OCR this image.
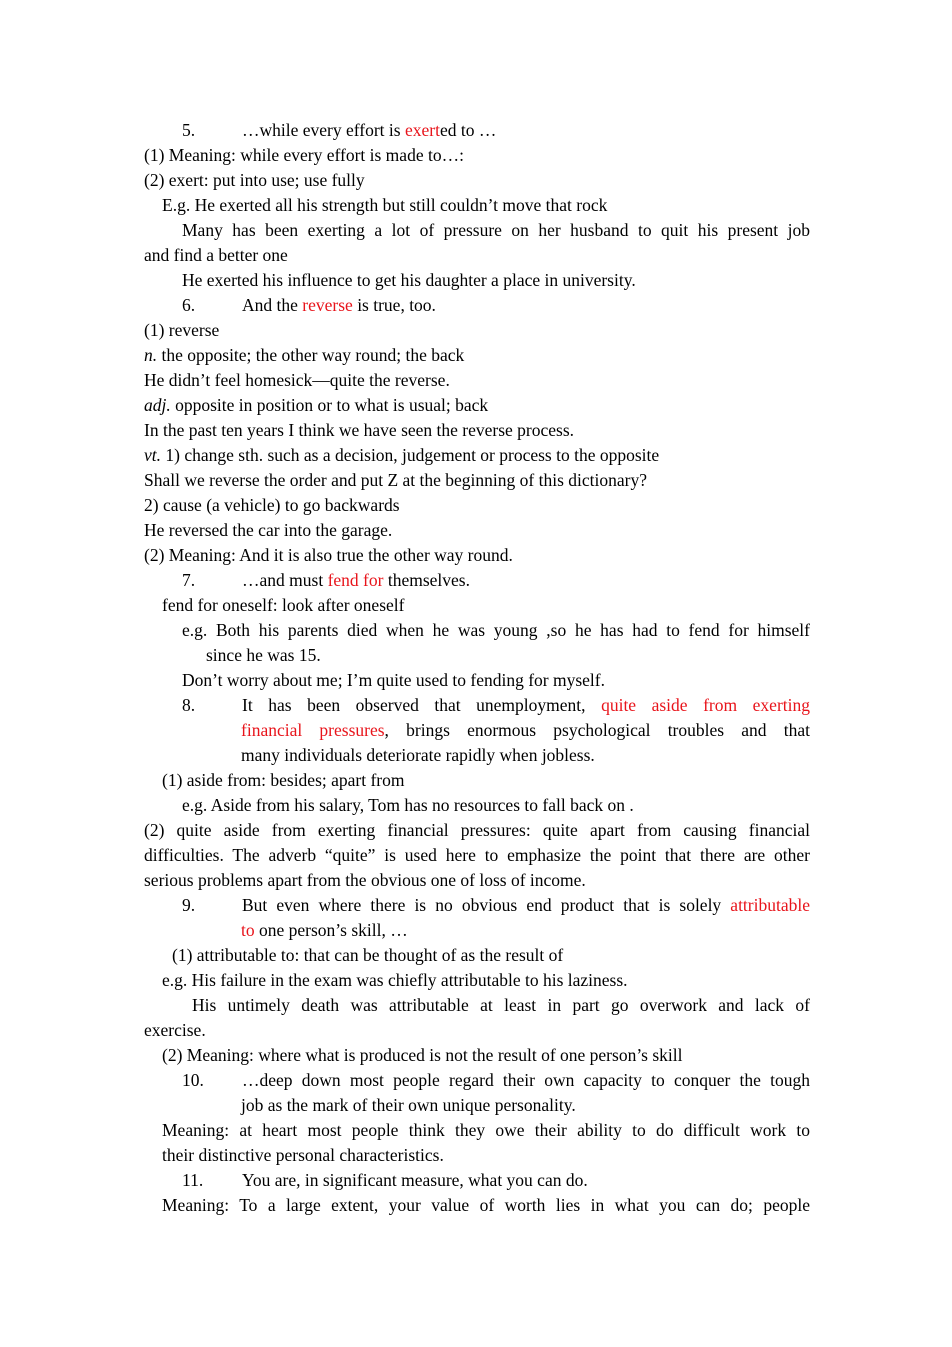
5.	…while every effort is exerted to …
(1) Meaning: while every effort is made to…:
(2) exert: put into use; use fully
E.g. He exerted all his strength but still couldn’t move that rock
Many has been exerting a lot of pressure on her husband to quit his present job
and find a better one
He exerted his influence to get his daughter a place in university.
6.	And the reverse is true, too.
(1) reverse
n. the opposite; the other way round; the back
He didn’t feel homesick—quite the reverse.
adj. opposite in position or to what is usual; back
In the past ten years I think we have seen the reverse process.
vt. 1) change sth. such as a decision, judgement or process to the opposite
Shall we reverse the order and put Z at the beginning of this dictionary?
2) cause (a vehicle) to go backwards
He reversed the car into the garage.
(2) Meaning: And it is also true the other way round.
7.	…and must fend for themselves.
fend for oneself: look after oneself
e.g. Both his parents died when he was young ,so he has had to fend for himself
since he was 15.
Don’t worry about me; I’m quite used to fending for myself.
8.	It has been observed that unemployment, quite aside from exerting
financial pressures, brings enormous psychological troubles and that
many individuals deteriorate rapidly when jobless.
(1) aside from: besides; apart from
e.g. Aside from his salary, Tom has no resources to fall back on .
(2) quite aside from exerting financial pressures: quite apart from causing financial
difficulties. The adverb “quite” is used here to emphasize the point that there are other
serious problems apart from the obvious one of loss of income.
9.	But even where there is no obvious end product that is solely attributable
to one person’s skill, …
(1) attributable to: that can be thought of as the result of
e.g. His failure in the exam was chiefly attributable to his laziness.
His untimely death was attributable at least in part go overwork and lack of
exercise.
(2) Meaning: where what is produced is not the result of one person’s skill
10.	…deep down most people regard their own capacity to conquer the tough
job as the mark of their own unique personality.
Meaning: at heart most people think they owe their ability to do difficult work to
their distinctive personal characteristics.
11. You are, in significant measure, what you can do.
Meaning: To a large extent, your value of worth lies in what you can do; people
